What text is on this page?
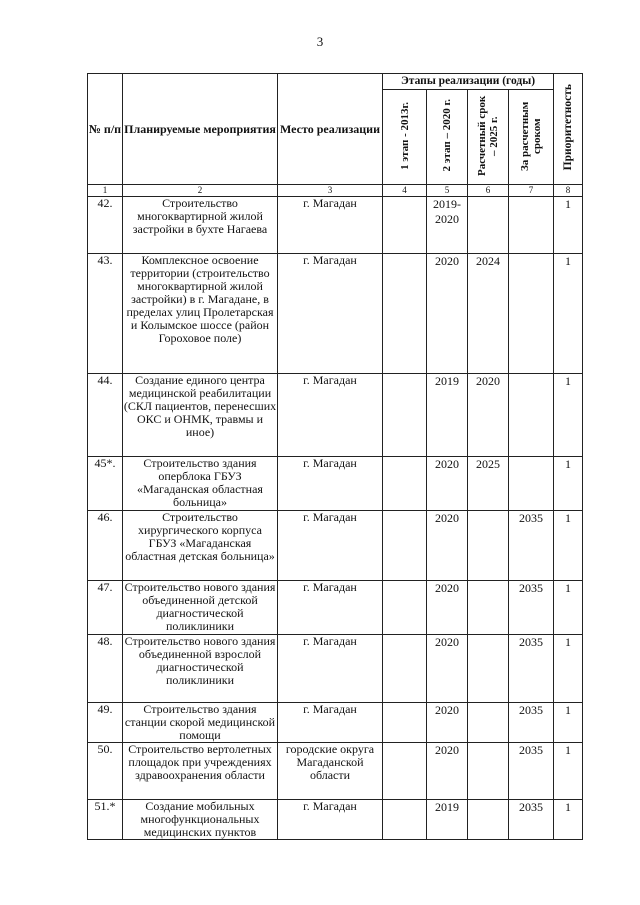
3
№ п/п	Планируемые мероприятия	Место реализации	Этапы реализации (годы)				Приоритетность
			1 этап - 2013г.	2 этап – 2020 г.	Расчетный срок – 2025 г.	За расчетным сроком	
1	2	3	4	5	6	7	8
42.	Строительство многоквартирной жилой застройки в бухте Нагаева	г. Магадан		2019-2020			1
43.	Комплексное освоение территории (строительство многоквартирной жилой застройки) в г. Магадане, в пределах улиц Пролетарская и Колымское шоссе (район Гороховое поле)	г. Магадан		2020	2024		1
44.	Создание единого центра медицинской реабилитации (СКЛ пациентов, перенесших ОКС и ОНМК, травмы и иное)	г. Магадан		2019	2020		1
45*.	Строительство здания оперблока ГБУЗ «Магаданская областная больница»	г. Магадан		2020	2025		1
46.	Строительство хирургического корпуса ГБУЗ «Магаданская областная детская больница»	г. Магадан		2020		2035	1
47.	Строительство нового здания объединенной детской диагностической поликлиники	г. Магадан		2020		2035	1
48.	Строительство нового здания объединенной взрослой диагностической поликлиники	г. Магадан		2020		2035	1
49.	Строительство здания станции скорой медицинской помощи	г. Магадан		2020		2035	1
50.	Строительство вертолетных площадок при учреждениях здравоохранения области	городские округа Магаданской области		2020		2035	1
51.*	Создание мобильных многофункциональных медицинских пунктов	г. Магадан		2019		2035	1
